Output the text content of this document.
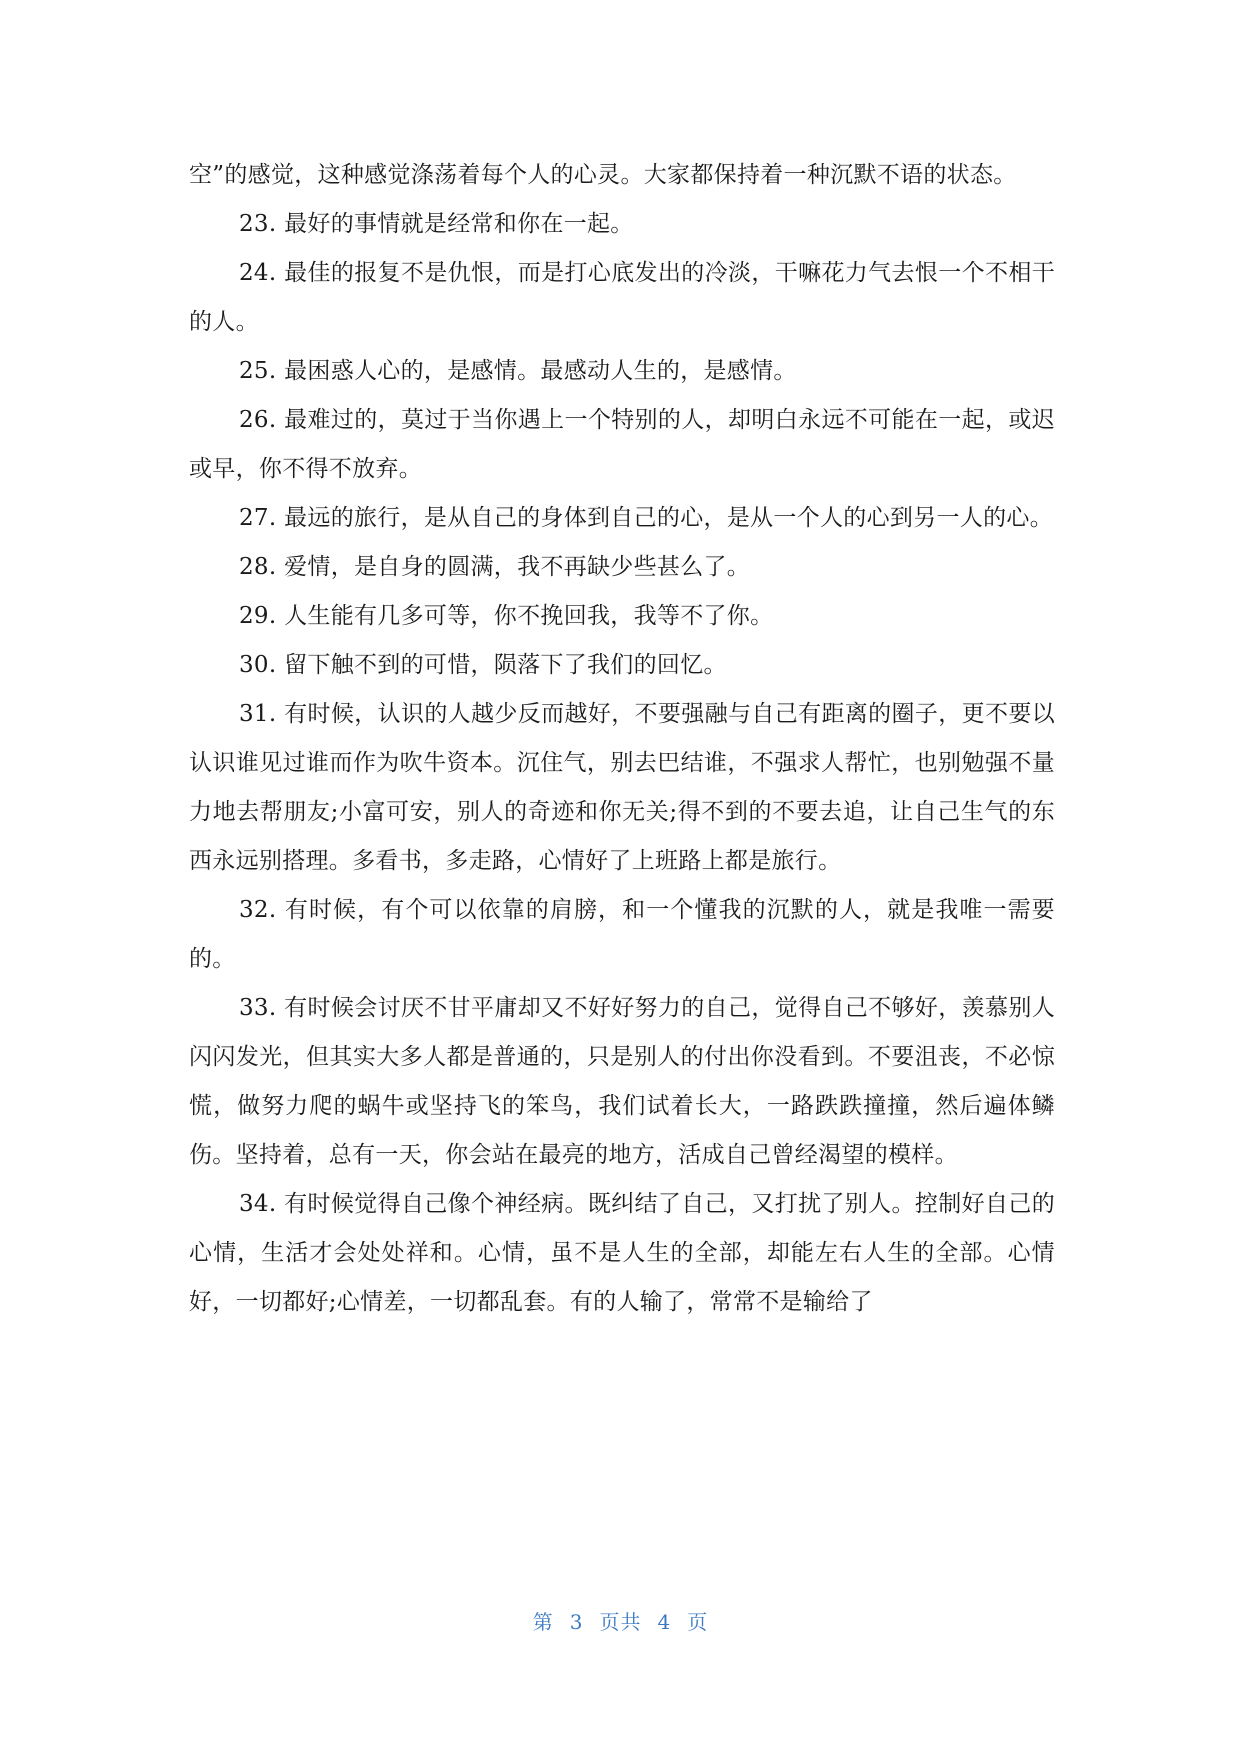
空”的感觉，这种感觉涤荡着每个人的心灵。大家都保持着一种沉默不语的状态。

23. 最好的事情就是经常和你在一起。

24. 最佳的报复不是仇恨，而是打心底发出的冷淡，干嘛花力气去恨一个不相干的人。

25. 最困惑人心的，是感情。最感动人生的，是感情。

26. 最难过的，莫过于当你遇上一个特别的人，却明白永远不可能在一起，或迟或早，你不得不放弃。

27. 最远的旅行，是从自己的身体到自己的心，是从一个人的心到另一人的心。

28. 爱情，是自身的圆满，我不再缺少些甚么了。

29. 人生能有几多可等，你不挽回我，我等不了你。

30. 留下触不到的可惜，陨落下了我们的回忆。

31. 有时候，认识的人越少反而越好，不要强融与自己有距离的圈子，更不要以认识谁见过谁而作为吹牛资本。沉住气，别去巴结谁，不强求人帮忙，也别勉强不量力地去帮朋友;小富可安，别人的奇迹和你无关;得不到的不要去追，让自己生气的东西永远别搭理。多看书，多走路，心情好了上班路上都是旅行。

32. 有时候，有个可以依靠的肩膀，和一个懂我的沉默的人，就是我唯一需要的。

33. 有时候会讨厌不甘平庸却又不好好努力的自己，觉得自己不够好，羡慕别人闪闪发光，但其实大多人都是普通的，只是别人的付出你没看到。不要沮丧，不必惊慌，做努力爬的蜗牛或坚持飞的笨鸟，我们试着长大，一路跌跌撞撞，然后遍体鳞伤。坚持着，总有一天，你会站在最亮的地方，活成自己曾经渴望的模样。

34. 有时候觉得自己像个神经病。既纠结了自己，又打扰了别人。控制好自己的心情，生活才会处处祥和。心情，虽不是人生的全部，却能左右人生的全部。心情好，一切都好;心情差，一切都乱套。有的人输了，常常不是输给了

第 3 页共 4 页
